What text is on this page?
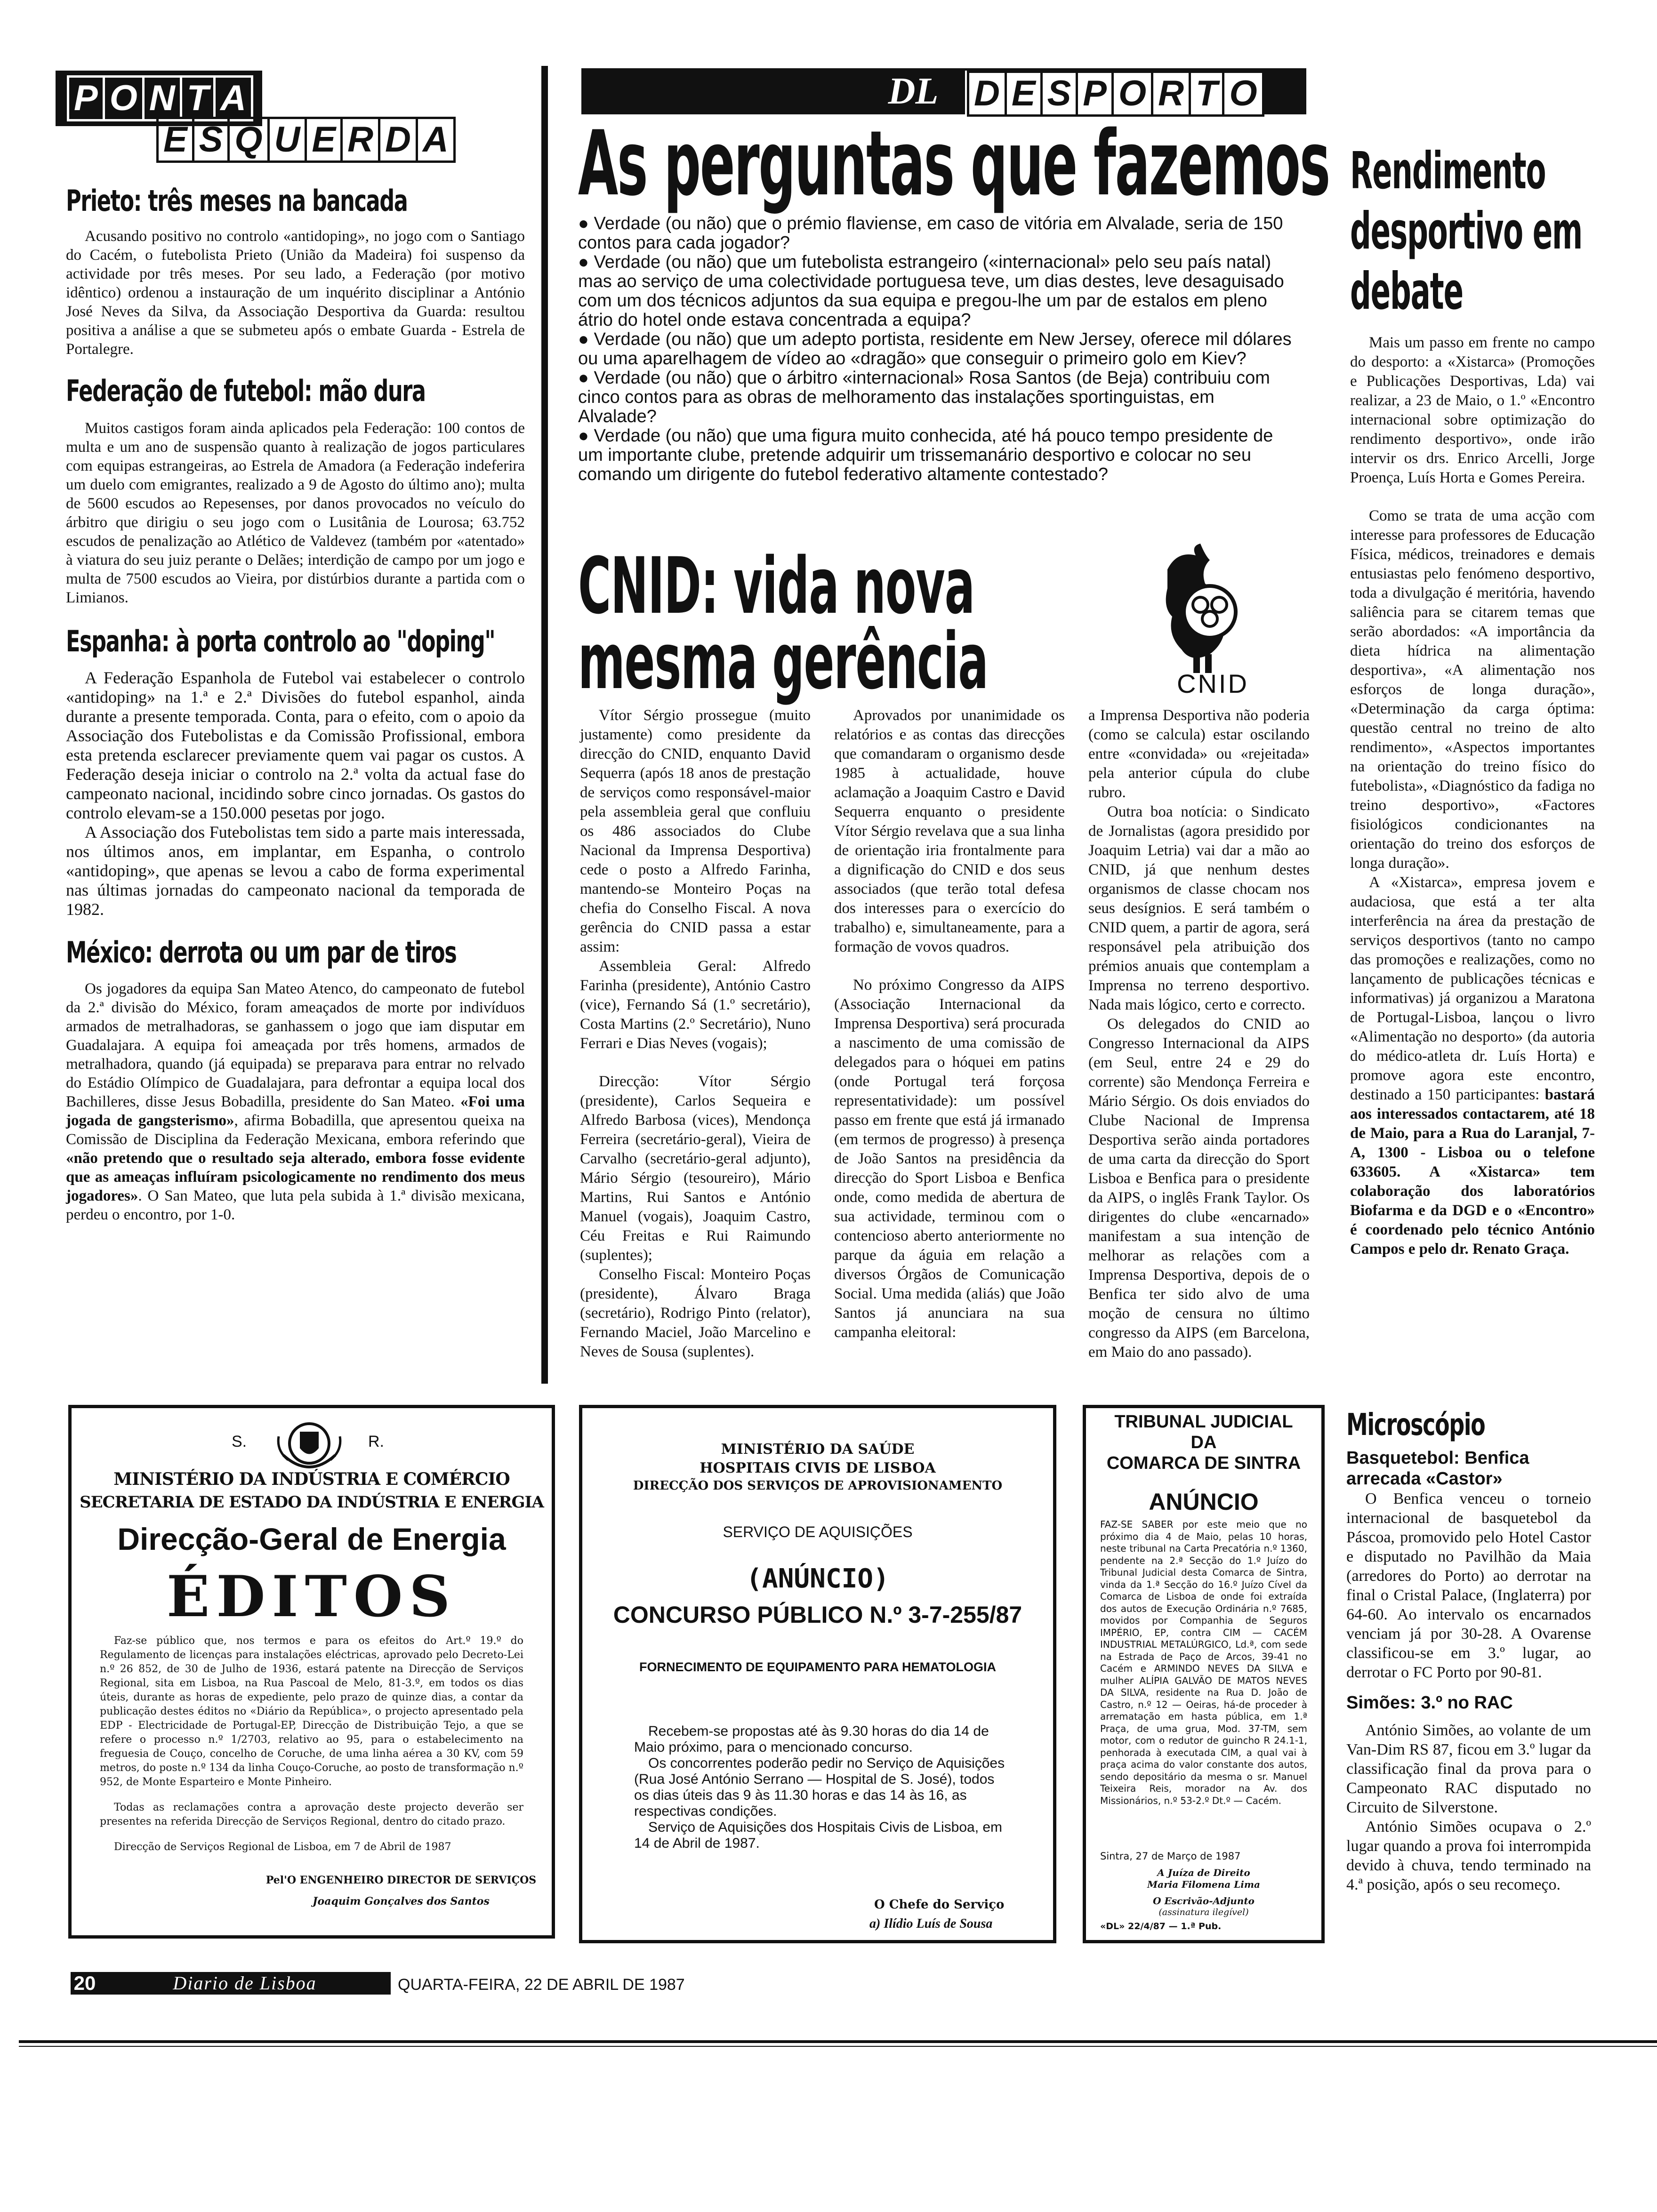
P O N T A
E S Q U E R D A
DL D E S P O R T O
Prieto: três meses na bancada

Acusando positivo no controlo «antidoping», no jogo com o Santiago do Cacém, o futebolista Prieto (União da Madeira) foi suspenso da actividade por três meses. Por seu lado, a Federação (por motivo idêntico) ordenou a instauração de um inquérito disciplinar a António José Neves da Silva, da Associação Desportiva da Guarda: resultou positiva a análise a que se submeteu após o embate Guarda - Estrela de Portalegre.

Federação de futebol: mão dura

Muitos castigos foram ainda aplicados pela Federação: 100 contos de multa e um ano de suspensão quanto à realização de jogos particulares com equipas estrangeiras, ao Estrela de Amadora (a Federação indeferira um duelo com emigrantes, realizado a 9 de Agosto do último ano); multa de 5600 escudos ao Repesenses, por danos provocados no veículo do árbitro que dirigiu o seu jogo com o Lusitânia de Lourosa; 63.752 escudos de penalização ao Atlético de Valdevez (também por «atentado» à viatura do seu juiz perante o Delães; interdição de campo por um jogo e multa de 7500 escudos ao Vieira, por distúrbios durante a partida com o Limianos.

Espanha: à porta controlo ao "doping"

A Federação Espanhola de Futebol vai estabelecer o controlo «antidoping» na 1.ª e 2.ª Divisões do futebol espanhol, ainda durante a presente temporada. Conta, para o efeito, com o apoio da Associação dos Futebolistas e da Comissão Profissional, embora esta pretenda esclarecer previamente quem vai pagar os custos. A Federação deseja iniciar o controlo na 2.ª volta da actual fase do campeonato nacional, incidindo sobre cinco jornadas. Os gastos do controlo elevam-se a 150.000 pesetas por jogo.

A Associação dos Futebolistas tem sido a parte mais interessada, nos últimos anos, em implantar, em Espanha, o controlo «antidoping», que apenas se levou a cabo de forma experimental nas últimas jornadas do campeonato nacional da temporada de 1982.

México: derrota ou um par de tiros

Os jogadores da equipa San Mateo Atenco, do campeonato de futebol da 2.ª divisão do México, foram ameaçados de morte por indivíduos armados de metralhadoras, se ganhassem o jogo que iam disputar em Guadalajara. A equipa foi ameaçada por três homens, armados de metralhadora, quando (já equipada) se preparava para entrar no relvado do Estádio Olímpico de Guadalajara, para defrontar a equipa local dos Bachilleres, disse Jesus Bobadilla, presidente do San Mateo. «Foi uma jogada de gangsterismo», afirma Bobadilla, que apresentou queixa na Comissão de Disciplina da Federação Mexicana, embora referindo que «não pretendo que o resultado seja alterado, embora fosse evidente que as ameaças influíram psicologicamente no rendimento dos meus jogadores». O San Mateo, que luta pela subida à 1.ª divisão mexicana, perdeu o encontro, por 1-0.

As perguntas que fazemos
● Verdade (ou não) que o prémio flaviense, em caso de vitória em Alvalade, seria de 150 contos para cada jogador?
● Verdade (ou não) que um futebolista estrangeiro («internacional» pelo seu país natal) mas ao serviço de uma colectividade portuguesa teve, um dias destes, leve desaguisado com um dos técnicos adjuntos da sua equipa e pregou-lhe um par de estalos em pleno átrio do hotel onde estava concentrada a equipa?
● Verdade (ou não) que um adepto portista, residente em New Jersey, oferece mil dólares ou uma aparelhagem de vídeo ao «dragão» que conseguir o primeiro golo em Kiev?
● Verdade (ou não) que o árbitro «internacional» Rosa Santos (de Beja) contribuiu com cinco contos para as obras de melhoramento das instalações sportinguistas, em Alvalade?
● Verdade (ou não) que uma figura muito conhecida, até há pouco tempo presidente de um importante clube, pretende adquirir um trissemanário desportivo e colocar no seu comando um dirigente do futebol federativo altamente contestado?
CNID: vida nova
mesma gerência	CNID

Vítor Sérgio prossegue (muito justamente) como presidente da direcção do CNID, enquanto David Sequerra (após 18 anos de prestação de serviços como responsável-maior pela assembleia geral que confluiu os 486 associados do Clube Nacional da Imprensa Desportiva) cede o posto a Alfredo Farinha, mantendo-se Monteiro Poças na chefia do Conselho Fiscal. A nova gerência do CNID passa a estar assim:

Assembleia Geral: Alfredo Farinha (presidente), António Castro (vice), Fernando Sá (1.º secretário), Costa Martins (2.º Secretário), Nuno Ferrari e Dias Neves (vogais);

Direcção: Vítor Sérgio (presidente), Carlos Sequeira e Alfredo Barbosa (vices), Mendonça Ferreira (secretário-geral), Vieira de Carvalho (secretário-geral adjunto), Mário Sérgio (tesoureiro), Mário Martins, Rui Santos e António Manuel (vogais), Joaquim Castro, Céu Freitas e Rui Raimundo (suplentes);

Conselho Fiscal: Monteiro Poças (presidente), Álvaro Braga (secretário), Rodrigo Pinto (relator), Fernando Maciel, João Marcelino e Neves de Sousa (suplentes).

Aprovados por unanimidade os relatórios e as contas das direcções que comandaram o organismo desde 1985 à actualidade, houve aclamação a Joaquim Castro e David Sequerra enquanto o presidente Vítor Sérgio revelava que a sua linha de orientação iria frontalmente para a dignificação do CNID e dos seus associados (que terão total defesa dos interesses para o exercício do trabalho) e, simultaneamente, para a formação de vovos quadros.

No próximo Congresso da AIPS (Associação Internacional da Imprensa Desportiva) será procurada a nascimento de uma comissão de delegados para o hóquei em patins (onde Portugal terá forçosa representatividade): um possível passo em frente que está já irmanado (em termos de progresso) à presença de João Santos na presidência da direcção do Sport Lisboa e Benfica onde, como medida de abertura de sua actividade, terminou com o contencioso aberto anteriormente no parque da águia em relação a diversos Órgãos de Comunicação Social. Uma medida (aliás) que João Santos já anunciara na sua campanha eleitoral:

a Imprensa Desportiva não poderia (como se calcula) estar oscilando entre «convidada» ou «rejeitada» pela anterior cúpula do clube rubro.

Outra boa notícia: o Sindicato de Jornalistas (agora presidido por Joaquim Letria) vai dar a mão ao CNID, já que nenhum destes organismos de classe chocam nos seus desígnios. E será também o CNID quem, a partir de agora, será responsável pela atribuição dos prémios anuais que contemplam a Imprensa no terreno desportivo. Nada mais lógico, certo e correcto.

Os delegados do CNID ao Congresso Internacional da AIPS (em Seul, entre 24 e 29 do corrente) são Mendonça Ferreira e Mário Sérgio. Os dois enviados do Clube Nacional de Imprensa Desportiva serão ainda portadores de uma carta da direcção do Sport Lisboa e Benfica para o presidente da AIPS, o inglês Frank Taylor. Os dirigentes do clube «encarnado» manifestam a sua intenção de melhorar as relações com a Imprensa Desportiva, depois de o Benfica ter sido alvo de uma moção de censura no último congresso da AIPS (em Barcelona, em Maio do ano passado).

Rendimento desportivo em debate

Mais um passo em frente no campo do desporto: a «Xistarca» (Promoções e Publicações Desportivas, Lda) vai realizar, a 23 de Maio, o 1.º «Encontro internacional sobre optimização do rendimento desportivo», onde irão intervir os drs. Enrico Arcelli, Jorge Proença, Luís Horta e Gomes Pereira.

Como se trata de uma acção com interesse para professores de Educação Física, médicos, treinadores e demais entusiastas pelo fenómeno desportivo, toda a divulgação é meritória, havendo saliência para se citarem temas que serão abordados: «A importância da dieta hídrica na alimentação desportiva», «A alimentação nos esforços de longa duração», «Determinação da carga óptima: questão central no treino de alto rendimento», «Aspectos importantes na orientação do treino físico do futebolista», «Diagnóstico da fadiga no treino desportivo», «Factores fisiológicos condicionantes na orientação do treino dos esforços de longa duração».

A «Xistarca», empresa jovem e audaciosa, que está a ter alta interferência na área da prestação de serviços desportivos (tanto no campo das promoções e realizações, como no lançamento de publicações técnicas e informativas) já organizou a Maratona de Portugal-Lisboa, lançou o livro «Alimentação no desporto» (da autoria do médico-atleta dr. Luís Horta) e promove agora este encontro, destinado a 150 participantes: bastará aos interessados contactarem, até 18 de Maio, para a Rua do Laranjal, 7-A, 1300 - Lisboa ou o telefone 633605. A «Xistarca» tem colaboração dos laboratórios Biofarma e da DGD e o «Encontro» é coordenado pelo técnico António Campos e pelo dr. Renato Graça.

Microscópio
Basquetebol: Benfica arrecada «Castor»

O Benfica venceu o torneio internacional de basquetebol da Páscoa, promovido pelo Hotel Castor e disputado no Pavilhão da Maia (arredores do Porto) ao derrotar na final o Cristal Palace, (Inglaterra) por 64-60. Ao intervalo os encarnados venciam já por 30-28. A Ovarense classificou-se em 3.º lugar, ao derrotar o FC Porto por 90-81.

Simões: 3.º no RAC

António Simões, ao volante de um Van-Dim RS 87, ficou em 3.º lugar da classificação final da prova para o Campeonato RAC disputado no Circuito de Silverstone.

António Simões ocupava o 2.º lugar quando a prova foi interrompida devido à chuva, tendo terminado na 4.ª posição, após o seu recomeço.

S.	R.
MINISTÉRIO DA INDÚSTRIA E COMÉRCIO
SECRETARIA DE ESTADO DA INDÚSTRIA E ENERGIA
Direcção-Geral de Energia
ÉDITOS

Faz-se público que, nos termos e para os efeitos do Art.º 19.º do Regulamento de licenças para instalações eléctricas, aprovado pelo Decreto-Lei n.º 26 852, de 30 de Julho de 1936, estará patente na Direcção de Serviços Regional, sita em Lisboa, na Rua Pascoal de Melo, 81-3.º, em todos os dias úteis, durante as horas de expediente, pelo prazo de quinze dias, a contar da publicação destes éditos no «Diário da República», o projecto apresentado pela EDP - Electricidade de Portugal-EP, Direcção de Distribuição Tejo, a que se refere o processo n.º 1/2703, relativo ao 95, para o estabelecimento na freguesia de Couço, concelho de Coruche, de uma linha aérea a 30 KV, com 59 metros, do poste n.º 134 da linha Couço-Coruche, ao posto de transformação n.º 952, de Monte Esparteiro e Monte Pinheiro.

Todas as reclamações contra a aprovação deste projecto deverão ser presentes na referida Direcção de Serviços Regional, dentro do citado prazo.

Direcção de Serviços Regional de Lisboa, em 7 de Abril de 1987
Pel'O ENGENHEIRO DIRECTOR DE SERVIÇOS
Joaquim Gonçalves dos Santos
MINISTÉRIO DA SAÚDE
HOSPITAIS CIVIS DE LISBOA
DIRECÇÃO DOS SERVIÇOS DE APROVISIONAMENTO
SERVIÇO DE AQUISIÇÕES
(ANÚNCIO)
CONCURSO PÚBLICO N.º 3-7-255/87
FORNECIMENTO DE EQUIPAMENTO PARA HEMATOLOGIA

Recebem-se propostas até às 9.30 horas do dia 14 de Maio próximo, para o mencionado concurso.

Os concorrentes poderão pedir no Serviço de Aquisições (Rua José António Serrano — Hospital de S. José), todos os dias úteis das 9 às 11.30 horas e das 14 às 16, as respectivas condições.

Serviço de Aquisições dos Hospitais Civis de Lisboa, em 14 de Abril de 1987.

O Chefe do Serviço
a) Ilídio Luís de Sousa
TRIBUNAL JUDICIAL
DA
COMARCA DE SINTRA
ANÚNCIO
FAZ-SE SABER por este meio que no próximo dia 4 de Maio, pelas 10 horas, neste tribunal na Carta Precatória n.º 1360, pendente na 2.ª Secção do 1.º Juízo do Tribunal Judicial desta Comarca de Sintra, vinda da 1.ª Secção do 16.º Juízo Cível da Comarca de Lisboa de onde foi extraída dos autos de Execução Ordinária n.º 7685, movidos por Companhia de Seguros IMPÉRIO, EP, contra CIM — CACÉM INDUSTRIAL METALÚRGICO, Ld.ª, com sede na Estrada de Paço de Arcos, 39-41 no Cacém e ARMINDO NEVES DA SILVA e mulher ALÍPIA GALVÃO DE MATOS NEVES DA SILVA, residente na Rua D. João de Castro, n.º 12 — Oeiras, há-de proceder à arrematação em hasta pública, em 1.ª Praça, de uma grua, Mod. 37-TM, sem motor, com o redutor de guincho R 24.1-1, penhorada à executada CIM, a qual vai à praça acima do valor constante dos autos, sendo depositário da mesma o sr. Manuel Teixeira Reis, morador na Av. dos Missionários, n.º 53-2.º Dt.º — Cacém.
Sintra, 27 de Março de 1987
A Juíza de Direito
Maria Filomena Lima
O Escrivão-Adjunto
(assinatura ilegível)
«DL» 22/4/87 — 1.ª Pub.
20	Diario de Lisboa	QUARTA-FEIRA, 22 DE ABRIL DE 1987
